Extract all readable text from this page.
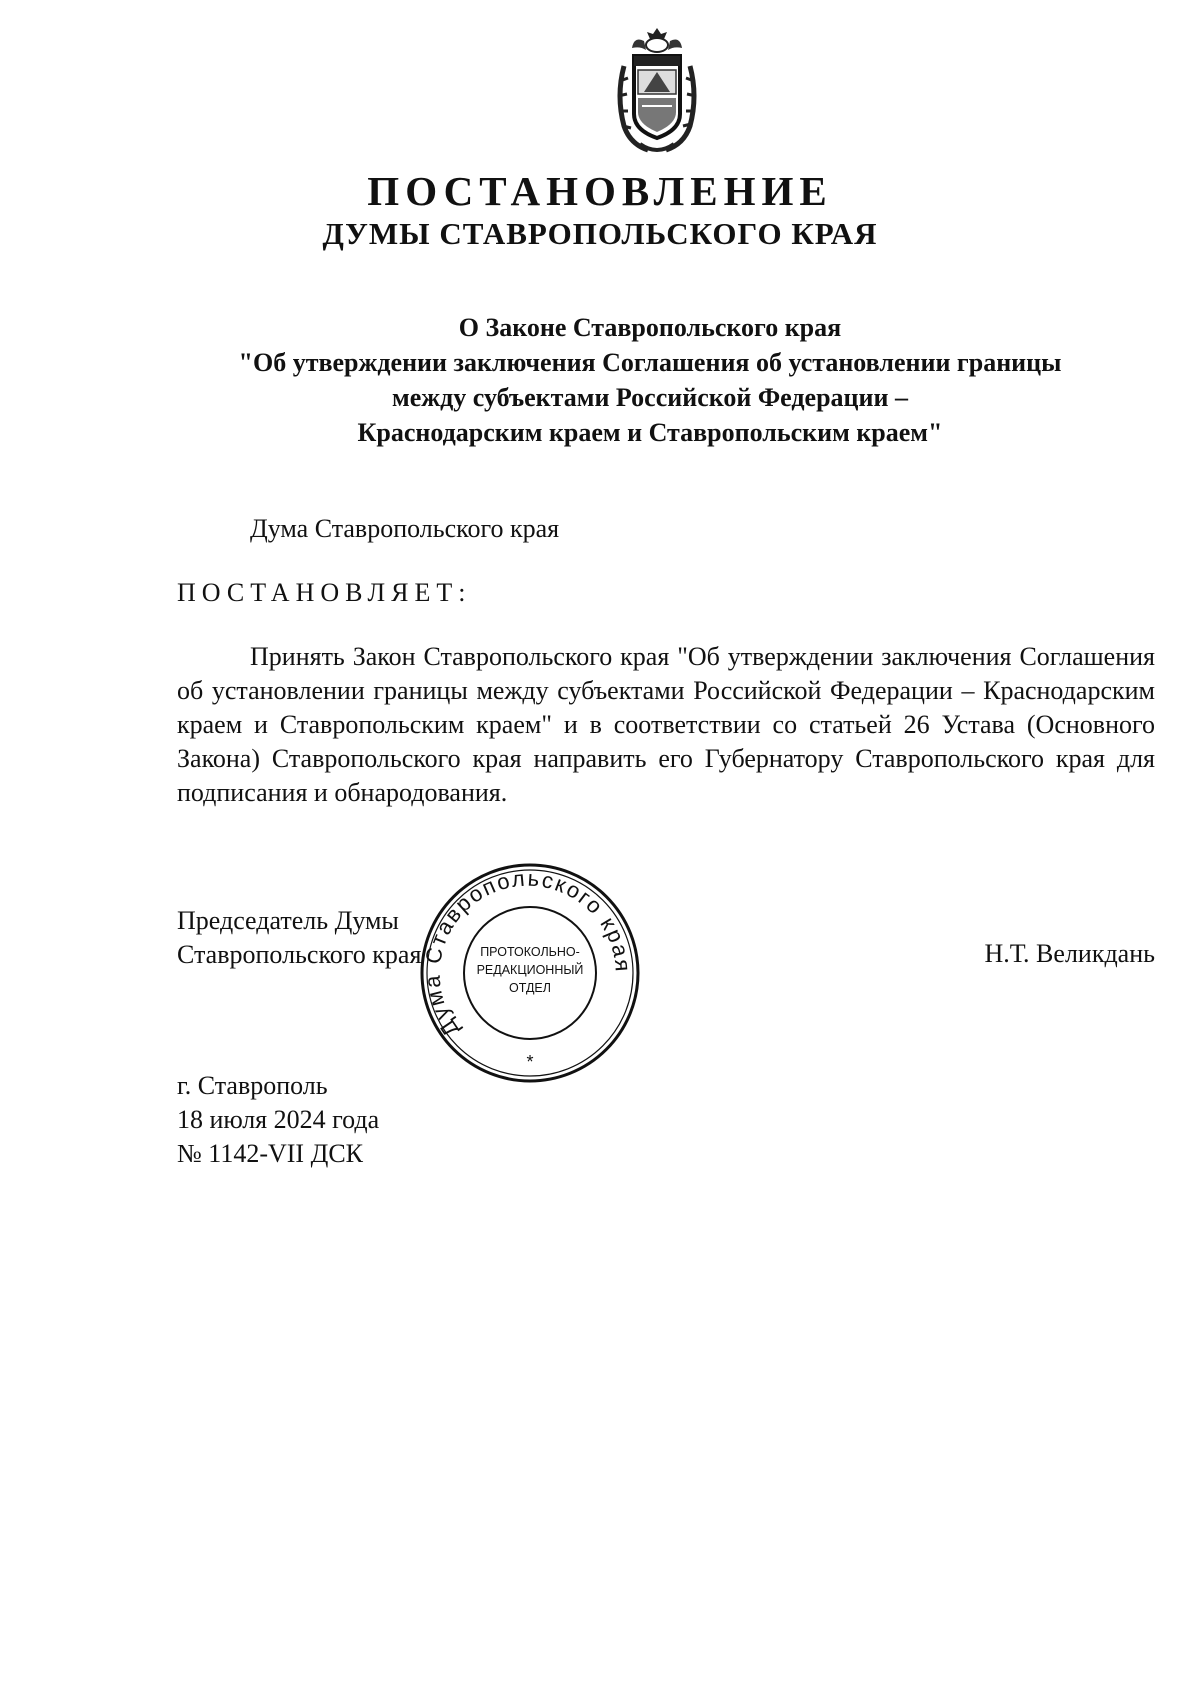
ПОСТАНОВЛЕНИЕ
ДУМЫ СТАВРОПОЛЬСКОГО КРАЯ
О Законе Ставропольского края
"Об утверждении заключения Соглашения об установлении границы
между субъектами Российской Федерации –
Краснодарским краем и Ставропольским краем"
Дума Ставропольского края
ПОСТАНОВЛЯЕТ:
Принять Закон Ставропольского края "Об утверждении заключения Соглашения об установлении границы между субъектами Российской Федерации – Краснодарским краем и Ставропольским краем" и в соответствии со статьей 26 Устава (Основного Закона) Ставропольского края направить его Губернатору Ставропольского края для подписания и обнародования.
Председатель Думы
Ставропольского края	Н.Т. Великдань
Дума Ставропольского края
ПРОТОКОЛЬНО-
РЕДАКЦИОННЫЙ
ОТДЕЛ
*
г. Ставрополь
18 июля 2024 года
№ 1142-VII ДСК
